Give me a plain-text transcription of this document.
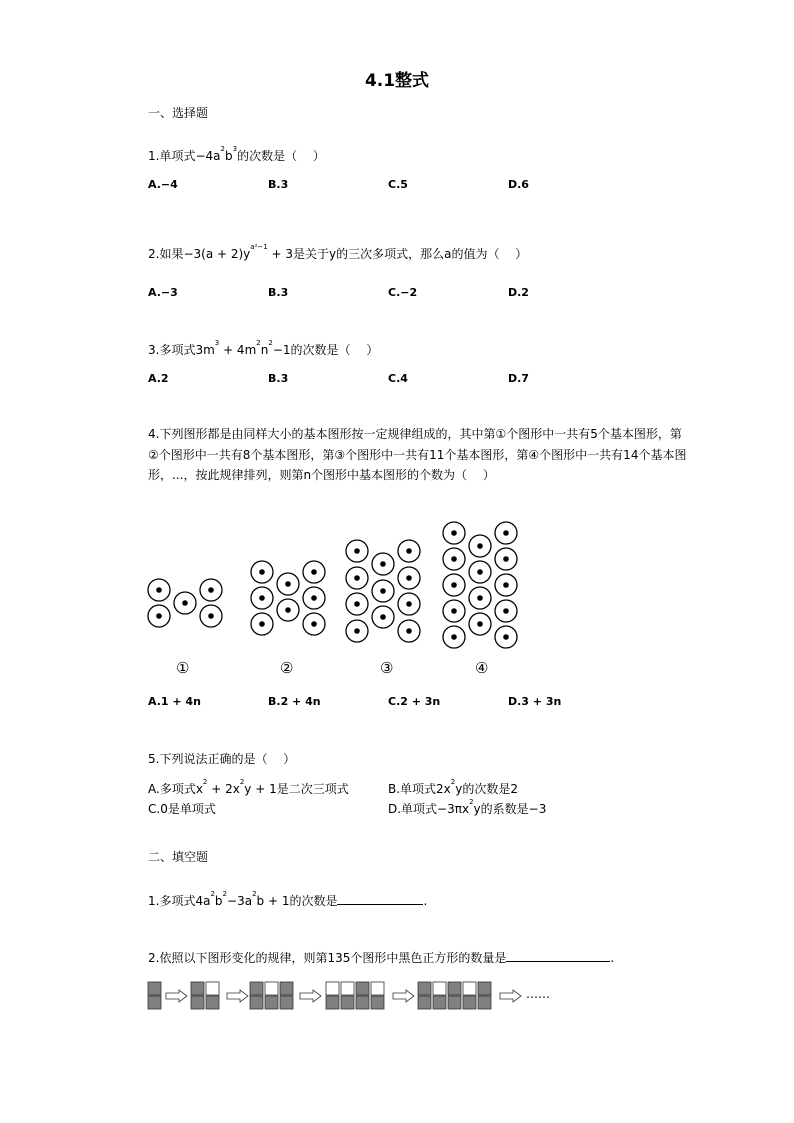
4.1整式
一、选择题
1.单项式$-4a^2b^3$的次数是（　 ）
A.−4	B.3	C.5	D.6
2.如果$-3(a + 2)y^{a^2-1} + 3$是关于y的三次多项式，那么a的值为（　 ）
A.−3	B.3	C.−2	D.2
3.多项式$3m^3 + 4m^2n^2-1$的次数是（　 ）
A.2	B.3	C.4	D.7
4.下列图形都是由同样大小的基本图形按一定规律组成的，其中第①个图形中一共有5个基本图形，第②个图形中一共有8个基本图形，第③个图形中一共有11个基本图形，第④个图形中一共有14个基本图形，...，按此规律排列，则第n个图形中基本图形的个数为（　 ）
①	②	③	④
A.1 + 4n	B.2 + 4n	C.2 + 3n	D.3 + 3n
5.下列说法正确的是（　 ）
A.多项式$x^2 + 2x^2y + 1$是二次三项式	B.单项式$2x^2y$的次数是2
C.0是单项式	D.单项式$-3\pi x^2y$的系数是−3
二、填空题
1.多项式$4a^2b^2-3a^2b + 1$的次数是	.
2.依照以下图形变化的规律，则第135个图形中黑色正方形的数量是	.
……
